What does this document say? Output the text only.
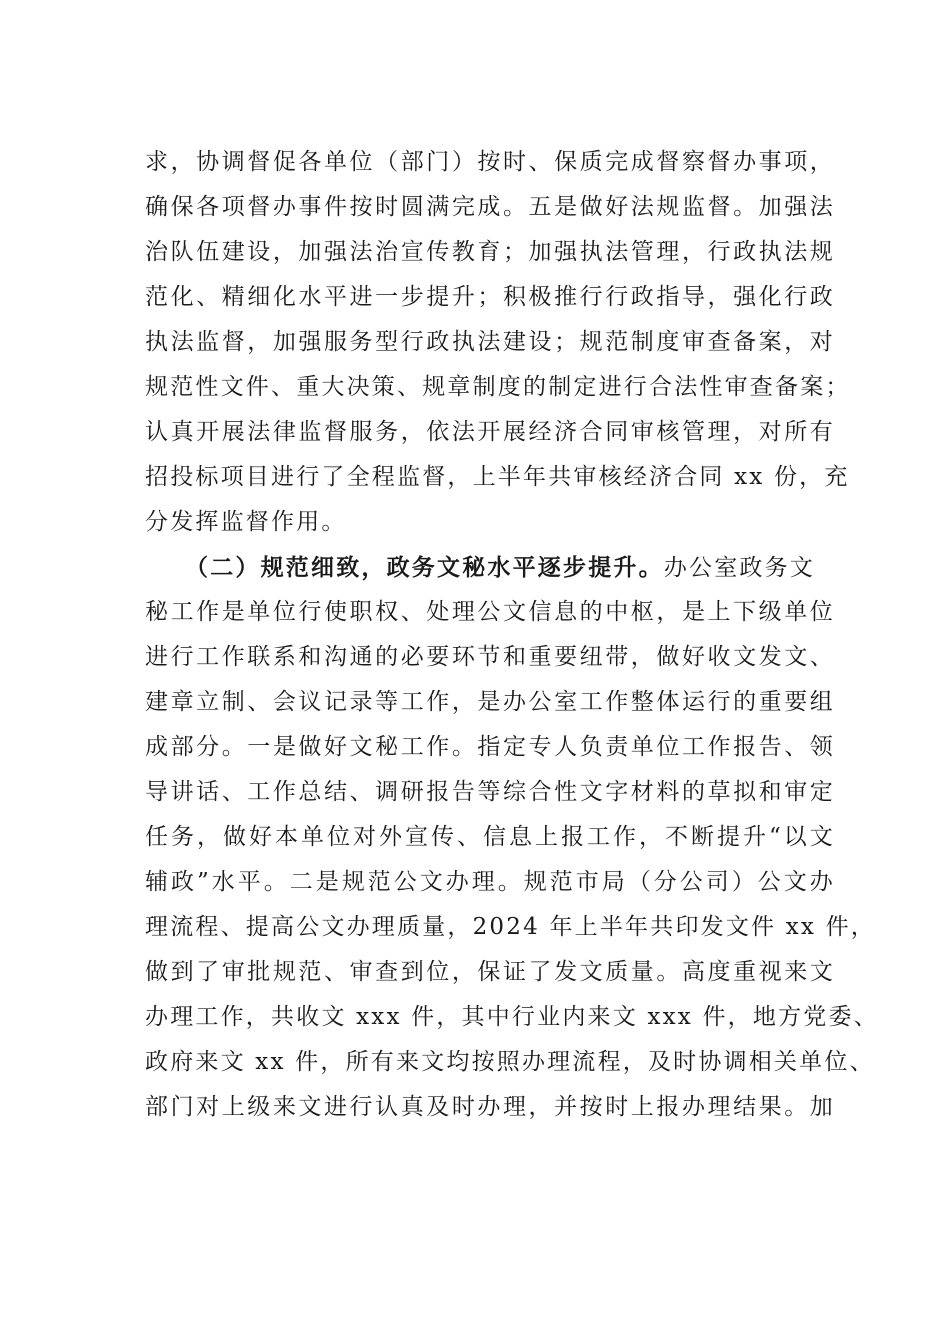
求，协调督促各单位（部门）按时、保质完成督察督办事项，
确保各项督办事件按时圆满完成。五是做好法规监督。加强法
治队伍建设，加强法治宣传教育；加强执法管理，行政执法规
范化、精细化水平进一步提升；积极推行行政指导，强化行政
执法监督，加强服务型行政执法建设；规范制度审查备案，对
规范性文件、重大决策、规章制度的制定进行合法性审查备案；
认真开展法律监督服务，依法开展经济合同审核管理，对所有
招投标项目进行了全程监督，上半年共审核经济合同 xx 份，充
分发挥监督作用。
（二）规范细致，政务文秘水平逐步提升。办公室政务文
秘工作是单位行使职权、处理公文信息的中枢，是上下级单位
进行工作联系和沟通的必要环节和重要纽带，做好收文发文、
建章立制、会议记录等工作，是办公室工作整体运行的重要组
成部分。一是做好文秘工作。指定专人负责单位工作报告、领
导讲话、工作总结、调研报告等综合性文字材料的草拟和审定
任务，做好本单位对外宣传、信息上报工作，不断提升“以文
辅政”水平。二是规范公文办理。规范市局（分公司）公文办
理流程、提高公文办理质量，2024 年上半年共印发文件 xx 件，
做到了审批规范、审查到位，保证了发文质量。高度重视来文
办理工作，共收文 xxx 件，其中行业内来文 xxx 件，地方党委、
政府来文 xx 件，所有来文均按照办理流程，及时协调相关单位、
部门对上级来文进行认真及时办理，并按时上报办理结果。加
